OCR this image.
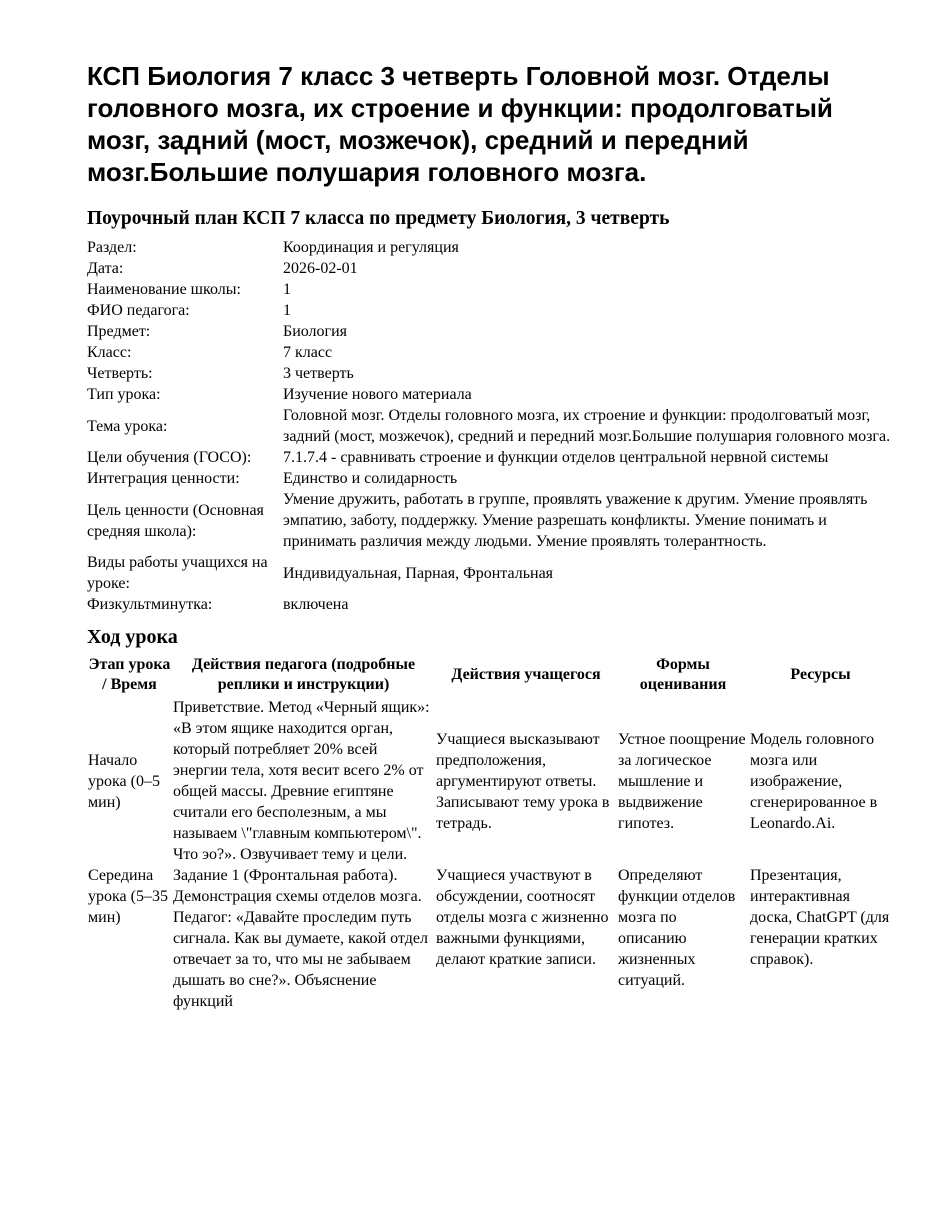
КСП Биология 7 класс 3 четверть Головной мозг. Отделы головного мозга, их строение и функции: продолговатый мозг, задний (мост, мозжечок), средний и передний мозг.Большие полушария головного мозга.
Поурочный план КСП 7 класса по предмету Биология, 3 четверть
Раздел:	Координация и регуляция
Дата:	2026-02-01
Наименование школы:	1
ФИО педагога:	1
Предмет:	Биология
Класс:	7 класс
Четверть:	3 четверть
Тип урока:	Изучение нового материала
Тема урока:	Головной мозг. Отделы головного мозга, их строение и функции: продолговатый мозг, задний (мост, мозжечок), средний и передний мозг.Большие полушария головного мозга.
Цели обучения (ГОСО):	7.1.7.4 - сравнивать строение и функции отделов центральной нервной системы
Интеграция ценности:	Единство и солидарность
Цель ценности (Основная средняя школа):	Умение дружить, работать в группе, проявлять уважение к другим. Умение проявлять эмпатию, заботу, поддержку. Умение разрешать конфликты. Умение понимать и принимать различия между людьми. Умение проявлять толерантность.
Виды работы учащихся на уроке:	Индивидуальная, Парная, Фронтальная
Физкультминутка:	включена
Ход урока
Этап урока / Время	Действия педагога (подробные реплики и инструкции)	Действия учащегося	Формы оценивания	Ресурсы
Начало урока (0–5 мин)	Приветствие. Метод «Черный ящик»: «В этом ящике находится орган, который потребляет 20% всей энергии тела, хотя весит всего 2% от общей массы. Древние египтяне считали его бесполезным, а мы называем \"главным компьютером\". Что эо?». Озвучивает тему и цели.	Учащиеся высказывают предположения, аргументируют ответы. Записывают тему урока в тетрадь.	Устное поощрение за логическое мышление и выдвижение гипотез.	Модель головного мозга или изображение, сгенерированное в Leonardo.Ai.
Середина урока (5–35 мин)	Задание 1 (Фронтальная работа). Демонстрация схемы отделов мозга. Педагог: «Давайте проследим путь сигнала. Как вы думаете, какой отдел отвечает за то, что мы не забываем дышать во сне?». Объяснение функций	Учащиеся участвуют в обсуждении, соотносят отделы мозга с жизненно важными функциями, делают краткие записи.	Определяют функции отделов мозга по описанию жизненных ситуаций.	Презентация, интерактивная доска, ChatGPT (для генерации кратких справок).
